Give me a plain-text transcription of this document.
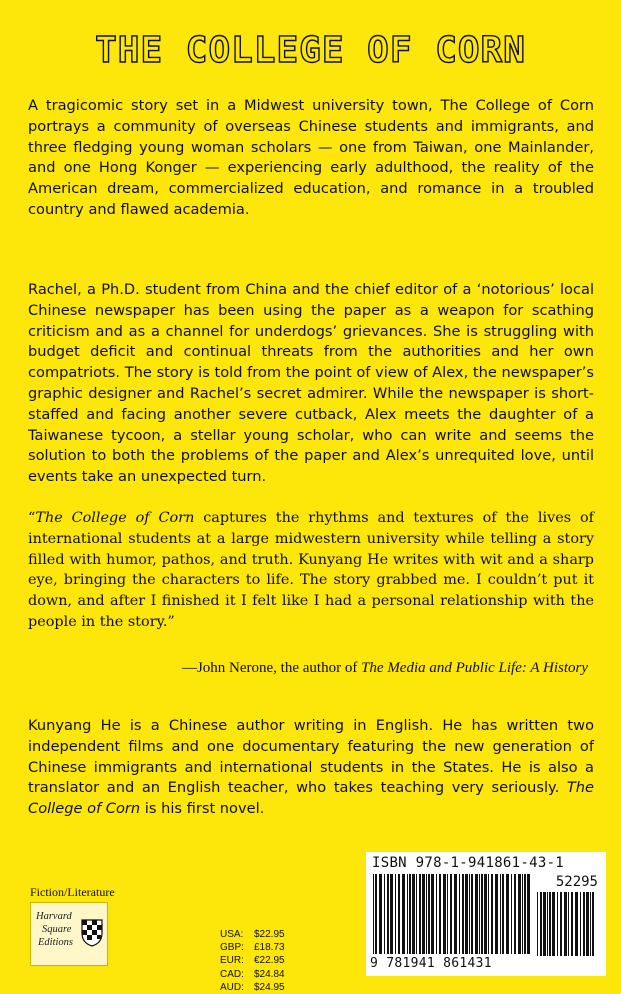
THE COLLEGE OF CORN
A tragicomic story set in a Midwest university town, The College of Corn portrays a community of overseas Chinese students and immigrants, and three fledging young woman scholars — one from Taiwan, one Mainlander, and one Hong Konger — experiencing early adulthood, the reality of the American dream, commercialized education, and romance in a troubled country and flawed academia.
Rachel, a Ph.D. student from China and the chief editor of a ‘notorious’ local Chinese newspaper has been using the paper as a weapon for scathing criticism and as a channel for underdogs’ grievances. She is struggling with budget deficit and continual threats from the authorities and her own compatriots. The story is told from the point of view of Alex, the newspaper’s graphic designer and Rachel’s secret admirer. While the newspaper is short-staffed and facing another severe cutback, Alex meets the daughter of a Taiwanese tycoon, a stellar young scholar, who can write and seems the solution to both the problems of the paper and Alex’s unrequited love, until events take an unexpected turn.
“The College of Corn captures the rhythms and textures of the lives of international students at a large midwestern university while telling a story filled with humor, pathos, and truth. Kunyang He writes with wit and a sharp eye, bringing the characters to life. The story grabbed me. I couldn’t put it down, and after I finished it I felt like I had a personal relationship with the people in the story.”
—John Nerone, the author of The Media and Public Life: A History
Kunyang He is a Chinese author writing in English. He has written two independent films and one documentary featuring the new generation of Chinese immigrants and international students in the States. He is also a translator and an English teacher, who takes teaching very seriously. The College of Corn is his first novel.
Fiction/Literature
Harvard
Square
Editions
USA:	$22.95
GBP:	£18.73
EUR:	€22.95
CAD:	$24.84
AUD:	$24.95
ISBN 978-1-941861-43-1
52295
9 781941 861431
